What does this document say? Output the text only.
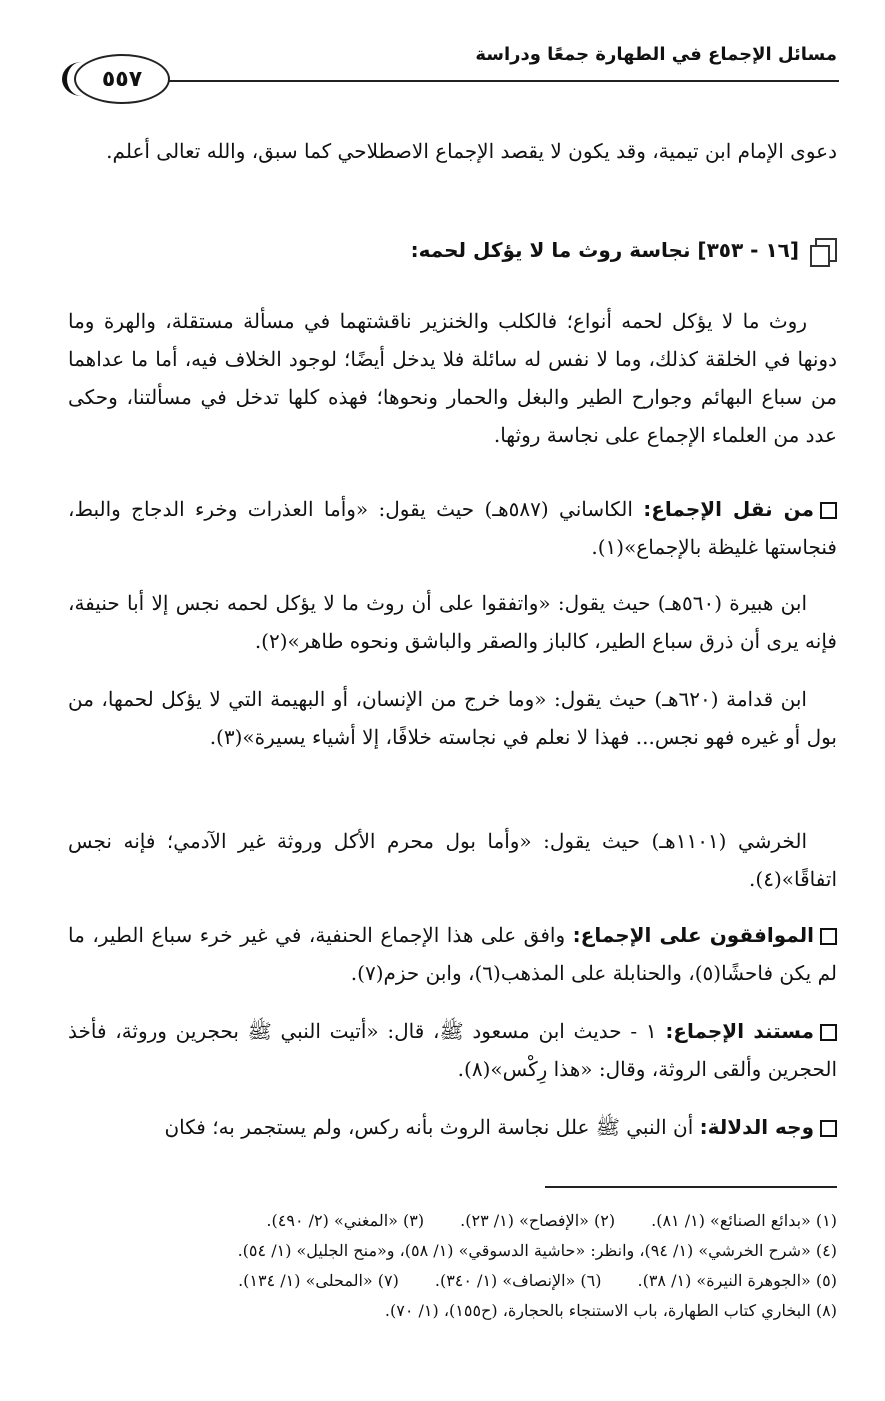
مسائل الإجماع في الطهارة جمعًا ودراسة
٥٥٧

دعوى الإمام ابن تيمية، وقد يكون لا يقصد الإجماع الاصطلاحي كما سبق، والله تعالى أعلم.

[١٦ - ٣٥٣] نجاسة روث ما لا يؤكل لحمه:

روث ما لا يؤكل لحمه أنواع؛ فالكلب والخنزير ناقشتهما في مسألة مستقلة، والهرة وما دونها في الخلقة كذلك، وما لا نفس له سائلة فلا يدخل أيضًا؛ لوجود الخلاف فيه، أما ما عداهما من سباع البهائم وجوارح الطير والبغل والحمار ونحوها؛ فهذه كلها تدخل في مسألتنا، وحكى عدد من العلماء الإجماع على نجاسة روثها.

من نقل الإجماع: الكاساني (٥٨٧هـ) حيث يقول: «وأما العذرات وخرء الدجاج والبط، فنجاستها غليظة بالإجماع»(١).

ابن هبيرة (٥٦٠هـ) حيث يقول: «واتفقوا على أن روث ما لا يؤكل لحمه نجس إلا أبا حنيفة، فإنه يرى أن ذرق سباع الطير، كالباز والصقر والباشق ونحوه طاهر»(٢).

ابن قدامة (٦٢٠هـ) حيث يقول: «وما خرج من الإنسان، أو البهيمة التي لا يؤكل لحمها، من بول أو غيره فهو نجس... فهذا لا نعلم في نجاسته خلافًا، إلا أشياء يسيرة»(٣).

الخرشي (١١٠١هـ) حيث يقول: «وأما بول محرم الأكل وروثة غير الآدمي؛ فإنه نجس اتفاقًا»(٤).

الموافقون على الإجماع: وافق على هذا الإجماع الحنفية، في غير خرء سباع الطير، ما لم يكن فاحشًا(٥)، والحنابلة على المذهب(٦)، وابن حزم(٧).

مستند الإجماع: ١ - حديث ابن مسعود ﷺ، قال: «أتيت النبي ﷺ بحجرين وروثة، فأخذ الحجرين وألقى الروثة، وقال: «هذا رِكْس»(٨).

وجه الدلالة: أن النبي ﷺ علل نجاسة الروث بأنه ركس، ولم يستجمر به؛ فكان

(١) «بدائع الصنائع» (١/ ٨١).
(٢) «الإفصاح» (١/ ٢٣).
(٣) «المغني» (٢/ ٤٩٠).
(٤) «شرح الخرشي» (١/ ٩٤)، وانظر: «حاشية الدسوقي» (١/ ٥٨)، و«منح الجليل» (١/ ٥٤).
(٥) «الجوهرة النيرة» (١/ ٣٨).
(٦) «الإنصاف» (١/ ٣٤٠).
(٧) «المحلى» (١/ ١٣٤).
(٨) البخاري كتاب الطهارة، باب الاستنجاء بالحجارة، (ح١٥٥)، (١/ ٧٠).
